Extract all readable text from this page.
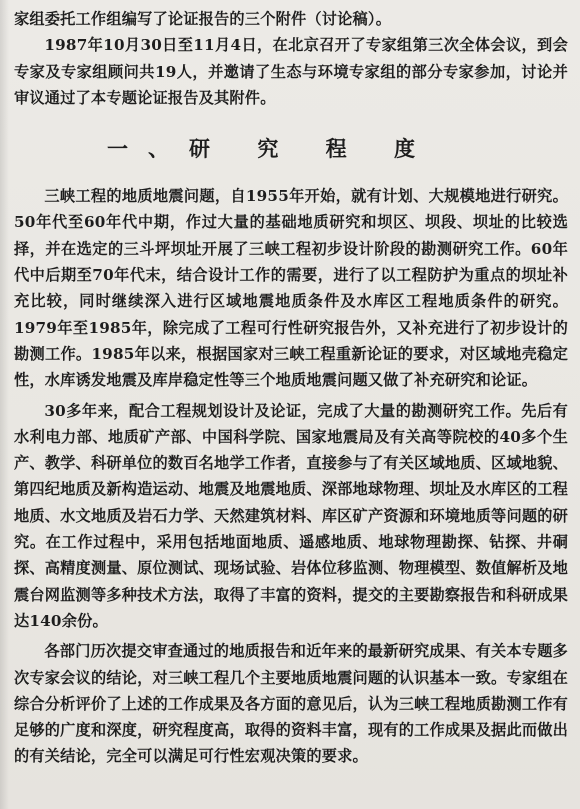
家组委托工作组编写了论证报告的三个附件（讨论稿）。

1987年10月30日至11月4日，在北京召开了专家组第三次全体会议，到会专家及专家组顾问共19人，并邀请了生态与环境专家组的部分专家参加，讨论并审议通过了本专题论证报告及其附件。

一、研 究 程 度

三峡工程的地质地震问题，自1955年开始，就有计划、大规模地进行研究。50年代至60年代中期，作过大量的基础地质研究和坝区、坝段、坝址的比较选择，并在选定的三斗坪坝址开展了三峡工程初步设计阶段的勘测研究工作。60年代中后期至70年代末，结合设计工作的需要，进行了以工程防护为重点的坝址补充比较，同时继续深入进行区域地震地质条件及水库区工程地质条件的研究。1979年至1985年，除完成了工程可行性研究报告外，又补充进行了初步设计的勘测工作。1985年以来，根据国家对三峡工程重新论证的要求，对区域地壳稳定性，水库诱发地震及库岸稳定性等三个地质地震问题又做了补充研究和论证。

30多年来，配合工程规划设计及论证，完成了大量的勘测研究工作。先后有水利电力部、地质矿产部、中国科学院、国家地震局及有关高等院校的40多个生产、教学、科研单位的数百名地学工作者，直接参与了有关区域地质、区域地貌、第四纪地质及新构造运动、地震及地震地质、深部地球物理、坝址及水库区的工程地质、水文地质及岩石力学、天然建筑材料、库区矿产资源和环境地质等问题的研究。在工作过程中，采用包括地面地质、遥感地质、地球物理勘探、钻探、井硐探、高精度测量、原位测试、现场试验、岩体位移监测、物理模型、数值解析及地震台网监测等多种技术方法，取得了丰富的资料，提交的主要勘察报告和科研成果达140余份。

各部门历次提交审查通过的地质报告和近年来的最新研究成果、有关本专题多次专家会议的结论，对三峡工程几个主要地质地震问题的认识基本一致。专家组在综合分析评价了上述的工作成果及各方面的意见后，认为三峡工程地质勘测工作有足够的广度和深度，研究程度高，取得的资料丰富，现有的工作成果及据此而做出的有关结论，完全可以满足可行性宏观决策的要求。
